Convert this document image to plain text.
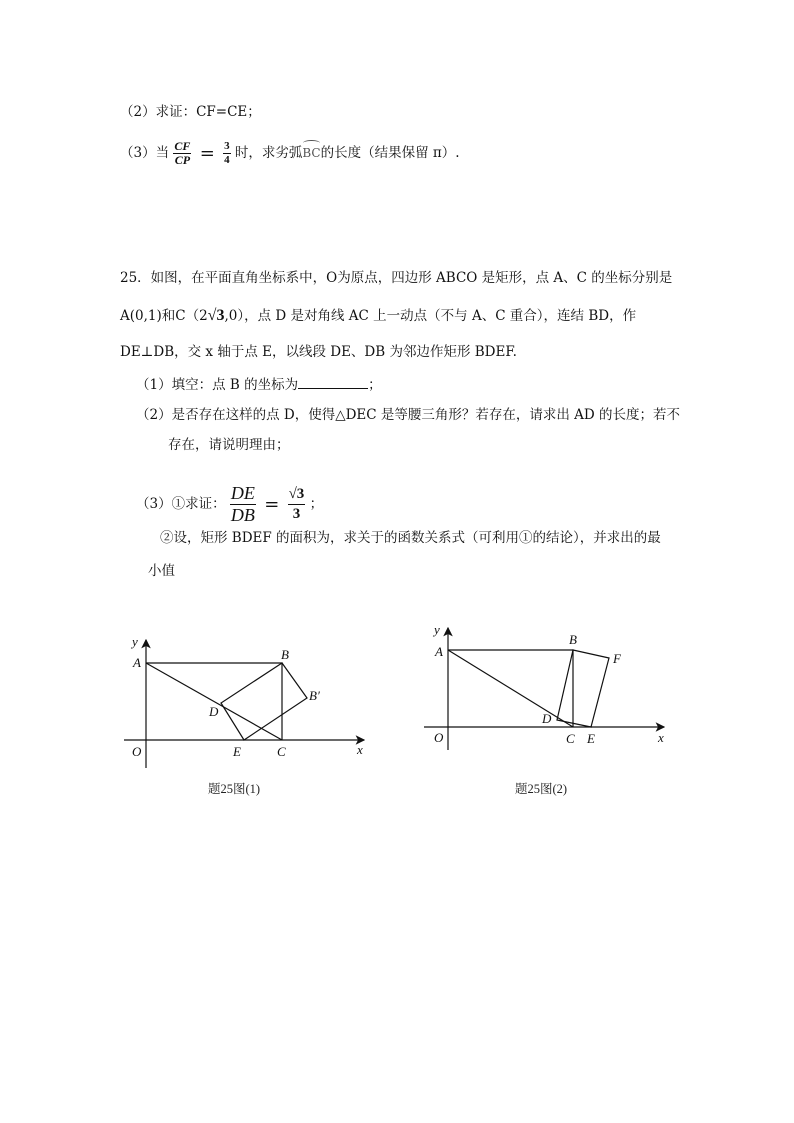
（2）求证：CF=CE；
（3）当 $\frac{CF}{CP} = \frac{3}{4}$ 时，求劣弧BC的长度（结果保留 π）.
25．如图，在平面直角坐标系中，O为原点，四边形 ABCO 是矩形，点 A、C 的坐标分别是
A(0,1)和C（2√3,0），点 D 是对角线 AC 上一动点（不与 A、C 重合），连结 BD，作
DE⊥DB，交 x 轴于点 E，以线段 DE、DB 为邻边作矩形 BDEF.
（1）填空：点 B 的坐标为	；
（2）是否存在这样的点 D，使得△DEC 是等腰三角形？若存在，请求出 AD 的长度；若不
存在，请说明理由；
（3）①求证： $\frac{DE}{DB} = \frac{√3}{3}$ ；
②设，矩形 BDEF 的面积为，求关于的函数关系式（可利用①的结论），并求出的最
小值
y
A
B
B′
D
O	E	C	x
题25图(1)
y
A
B
F
D
O	C E	x
题25图(2)
